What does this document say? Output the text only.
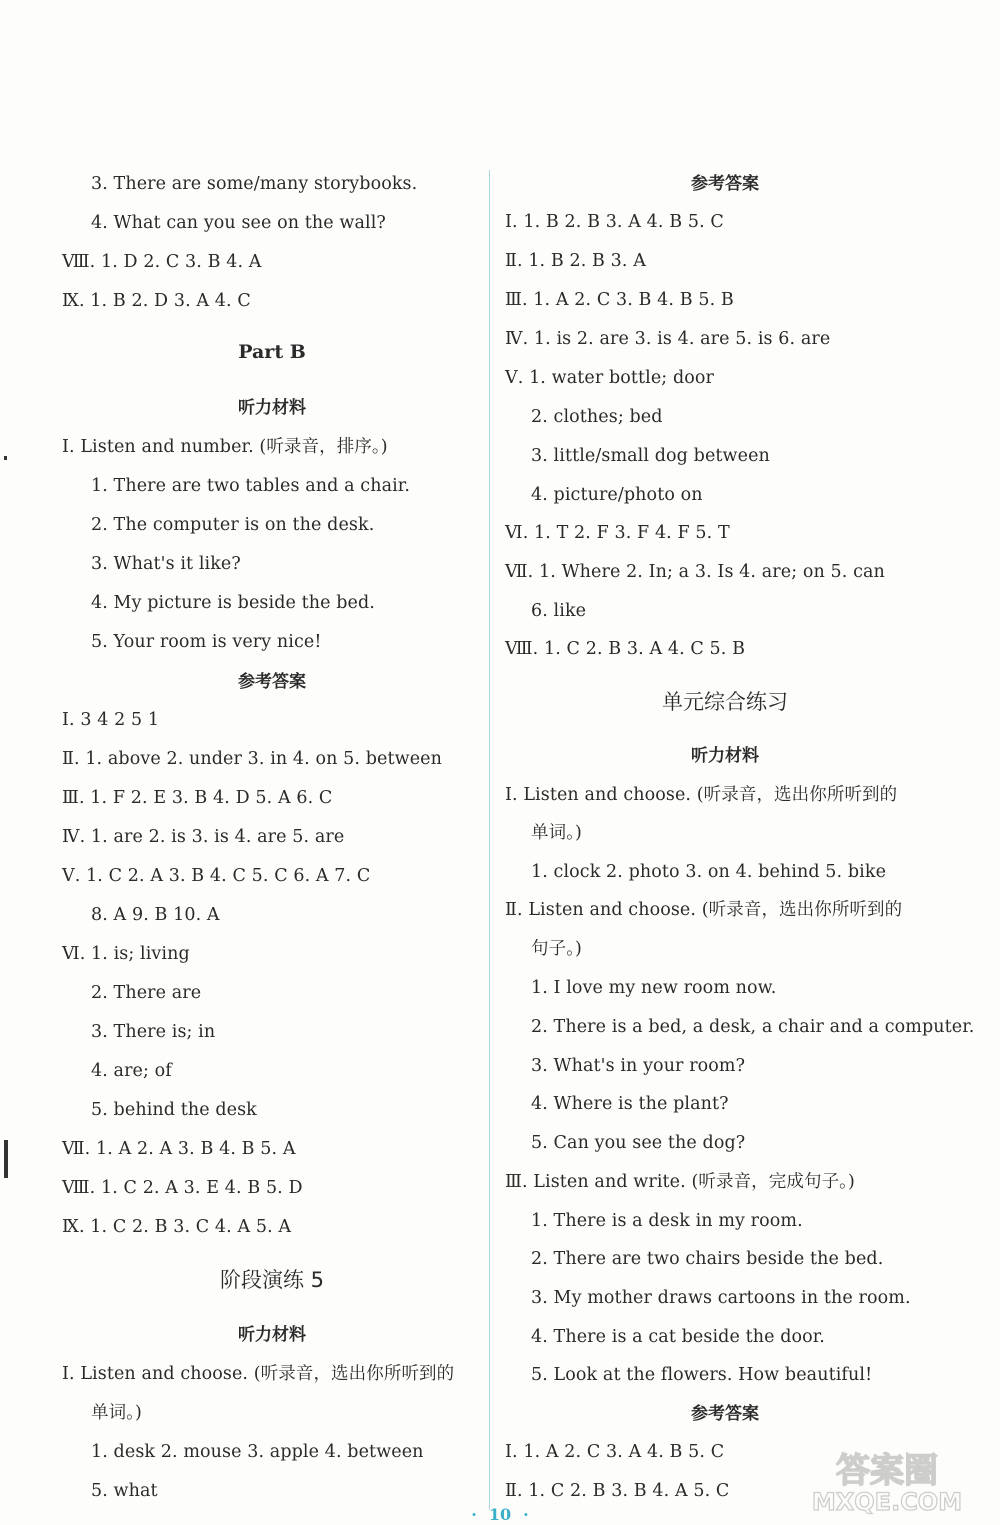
3. There are some/many storybooks.
4. What can you see on the wall?
Ⅷ. 1. D 2. C 3. B 4. A
Ⅸ. 1. B 2. D 3. A 4. C
Part B
听力材料
Ⅰ. Listen and number. (听录音，排序。)
1. There are two tables and a chair.
2. The computer is on the desk.
3. What's it like?
4. My picture is beside the bed.
5. Your room is very nice!
参考答案
Ⅰ. 3 4 2 5 1
Ⅱ. 1. above 2. under 3. in 4. on 5. between
Ⅲ. 1. F 2. E 3. B 4. D 5. A 6. C
Ⅳ. 1. are 2. is 3. is 4. are 5. are
Ⅴ. 1. C 2. A 3. B 4. C 5. C 6. A 7. C
8. A 9. B 10. A
Ⅵ. 1. is; living
2. There are
3. There is; in
4. are; of
5. behind the desk
Ⅶ. 1. A 2. A 3. B 4. B 5. A
Ⅷ. 1. C 2. A 3. E 4. B 5. D
Ⅸ. 1. C 2. B 3. C 4. A 5. A
阶段演练 5
听力材料
Ⅰ. Listen and choose. (听录音，选出你所听到的
单词。)
1. desk 2. mouse 3. apple 4. between
5. what
参考答案
Ⅰ. 1. B 2. B 3. A 4. B 5. C
Ⅱ. 1. B 2. B 3. A
Ⅲ. 1. A 2. C 3. B 4. B 5. B
Ⅳ. 1. is 2. are 3. is 4. are 5. is 6. are
Ⅴ. 1. water bottle; door
2. clothes; bed
3. little/small dog between
4. picture/photo on
Ⅵ. 1. T 2. F 3. F 4. F 5. T
Ⅶ. 1. Where 2. In; a 3. Is 4. are; on 5. can
6. like
Ⅷ. 1. C 2. B 3. A 4. C 5. B
单元综合练习
听力材料
Ⅰ. Listen and choose. (听录音，选出你所听到的
单词。)
1. clock 2. photo 3. on 4. behind 5. bike
Ⅱ. Listen and choose. (听录音，选出你所听到的
句子。)
1. I love my new room now.
2. There is a bed, a desk, a chair and a computer.
3. What's in your room?
4. Where is the plant?
5. Can you see the dog?
Ⅲ. Listen and write. (听录音，完成句子。)
1. There is a desk in my room.
2. There are two chairs beside the bed.
3. My mother draws cartoons in the room.
4. There is a cat beside the door.
5. Look at the flowers. How beautiful!
参考答案
Ⅰ. 1. A 2. C 3. A 4. B 5. C
Ⅱ. 1. C 2. B 3. B 4. A 5. C
· 10 ·
答案圈
MXQE.COM
